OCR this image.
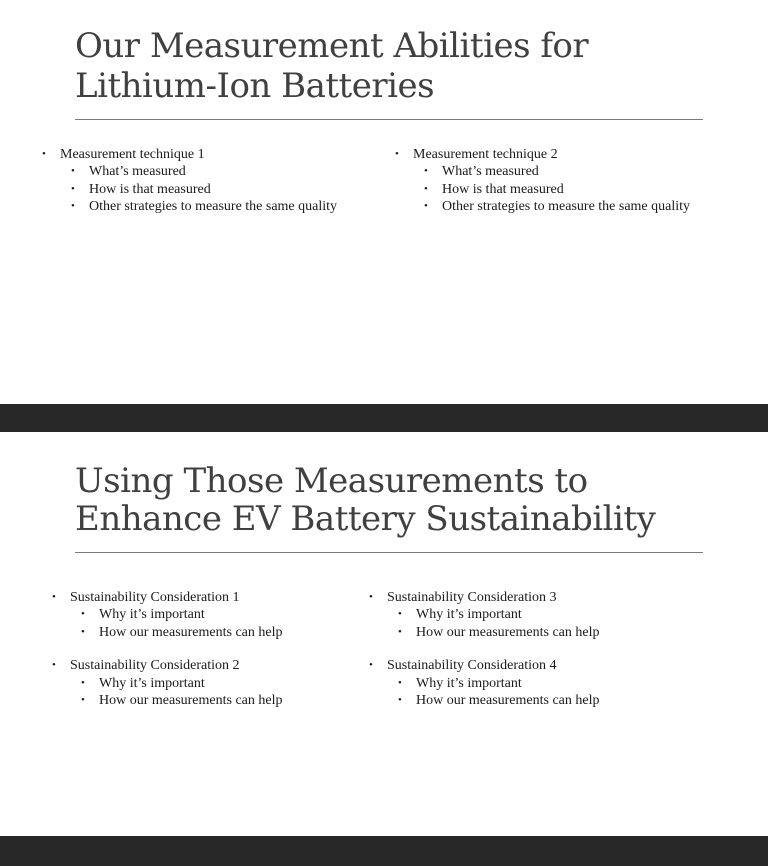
Our Measurement Abilities for
Lithium-Ion Batteries
• Measurement technique 1
• What’s measured
• How is that measured
• Other strategies to measure the same quality
• Measurement technique 2
• What’s measured
• How is that measured
• Other strategies to measure the same quality
Using Those Measurements to
Enhance EV Battery Sustainability
• Sustainability Consideration 1
• Why it’s important
• How our measurements can help
• Sustainability Consideration 2
• Why it’s important
• How our measurements can help
• Sustainability Consideration 3
• Why it’s important
• How our measurements can help
• Sustainability Consideration 4
• Why it’s important
• How our measurements can help
